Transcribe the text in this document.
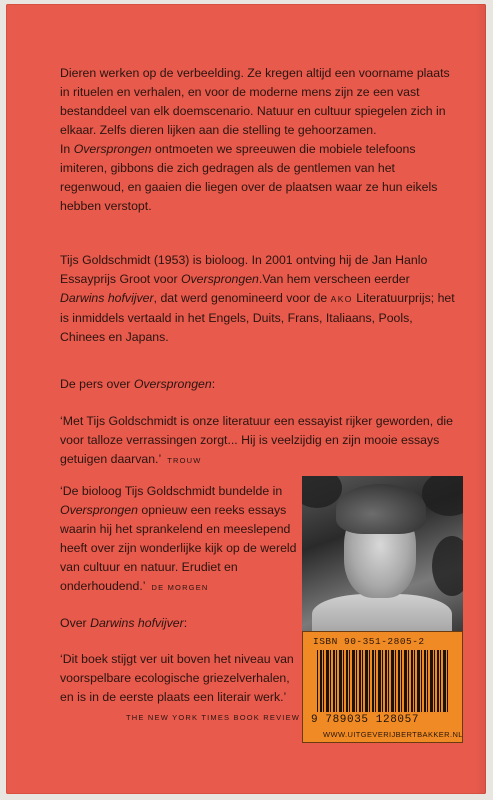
Dieren werken op de verbeelding. Ze kregen altijd een voorname plaats in rituelen en verhalen, en voor de moderne mens zijn ze een vast bestanddeel van elk doemscenario. Natuur en cultuur spiegelen zich in elkaar. Zelfs dieren lijken aan die stelling te gehoorzamen.

In Oversprongen ontmoeten we spreeuwen die mobiele telefoons imiteren, gibbons die zich gedragen als de gentlemen van het regenwoud, en gaaien die liegen over de plaatsen waar ze hun eikels hebben verstopt.

Tijs Goldschmidt (1953) is bioloog. In 2001 ontving hij de Jan Hanlo Essayprijs Groot voor Oversprongen.Van hem verscheen eerder Darwins hofvijver, dat werd genomineerd voor de AKO Literatuurprijs; het is inmiddels vertaald in het Engels, Duits, Frans, Italiaans, Pools, Chinees en Japans.

De pers over Oversprongen:

‘Met Tijs Goldschmidt is onze literatuur een essayist rijker geworden, die voor talloze verrassingen zorgt... Hij is veelzijdig en zijn mooie essays getuigen daarvan.’ TROUW

‘De bioloog Tijs Goldschmidt bundelde in Oversprongen opnieuw een reeks essays waarin hij het sprankelend en meeslepend heeft over zijn wonderlijke kijk op de wereld van cultuur en natuur. Erudiet en onderhoudend.’ DE MORGEN

Over Darwins hofvijver:

‘Dit boek stijgt ver uit boven het niveau van voorspelbare ecologische griezelverhalen, en is in de eerste plaats een literair werk.’

THE NEW YORK TIMES BOOK REVIEW
ISBN 90-351-2805-2
9 789035 128057
WWW.UITGEVERIJBERTBAKKER.NL
